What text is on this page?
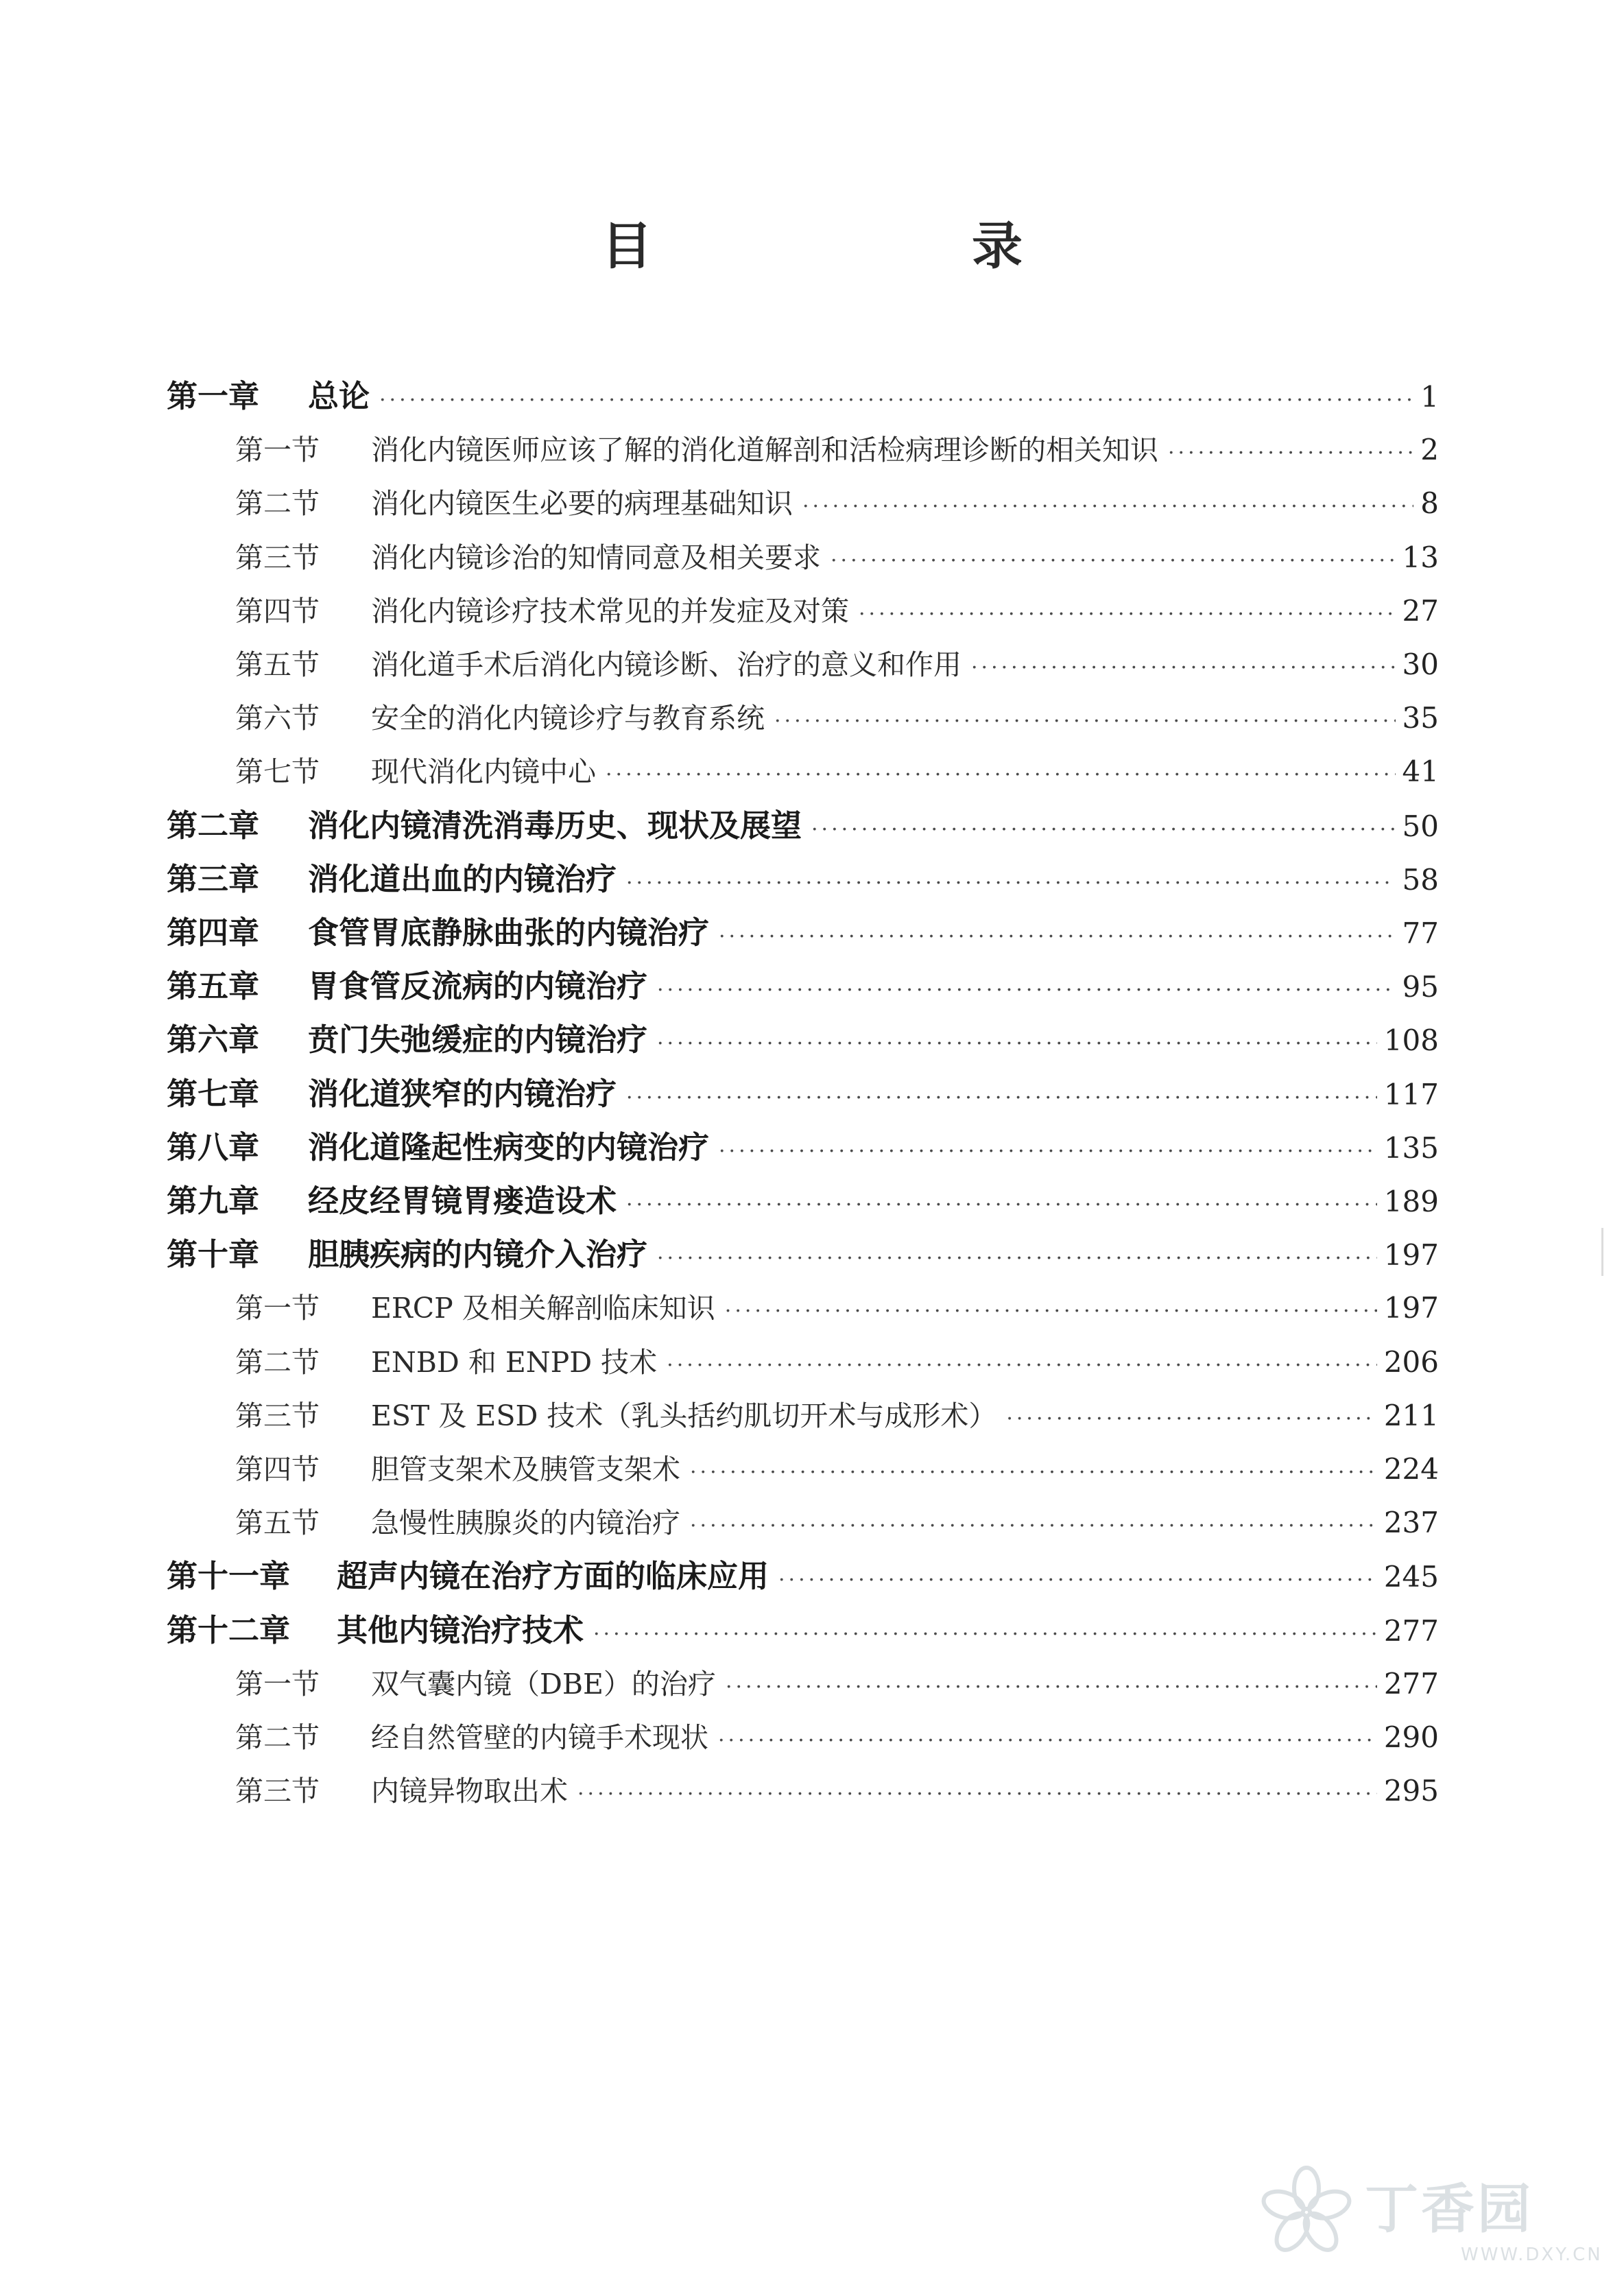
目　录
第一章	总论 ·····	1
第一节	消化内镜医师应该了解的消化道解剖和活检病理诊断的相关知识 ·····	2
第二节	消化内镜医生必要的病理基础知识 ·····	8
第三节	消化内镜诊治的知情同意及相关要求 ·····	13
第四节	消化内镜诊疗技术常见的并发症及对策 ·····	27
第五节	消化道手术后消化内镜诊断、治疗的意义和作用 ·····	30
第六节	安全的消化内镜诊疗与教育系统 ·····	35
第七节	现代消化内镜中心 ·····	41
第二章	消化内镜清洗消毒历史、现状及展望 ·····	50
第三章	消化道出血的内镜治疗 ·····	58
第四章	食管胃底静脉曲张的内镜治疗 ·····	77
第五章	胃食管反流病的内镜治疗 ·····	95
第六章	贲门失弛缓症的内镜治疗 ·····	108
第七章	消化道狭窄的内镜治疗 ·····	117
第八章	消化道隆起性病变的内镜治疗 ·····	135
第九章	经皮经胃镜胃瘘造设术 ·····	189
第十章	胆胰疾病的内镜介入治疗 ·····	197
第一节	ERCP 及相关解剖临床知识 ·····	197
第二节	ENBD 和 ENPD 技术 ·····	206
第三节	EST 及 ESD 技术（乳头括约肌切开术与成形术） ·····	211
第四节	胆管支架术及胰管支架术 ·····	224
第五节	急慢性胰腺炎的内镜治疗 ·····	237
第十一章	超声内镜在治疗方面的临床应用 ·····	245
第十二章	其他内镜治疗技术 ·····	277
第一节	双气囊内镜（DBE）的治疗 ·····	277
第二节	经自然管壁的内镜手术现状 ·····	290
第三节	内镜异物取出术 ·····	295
丁香园
WWW.DXY.CN
